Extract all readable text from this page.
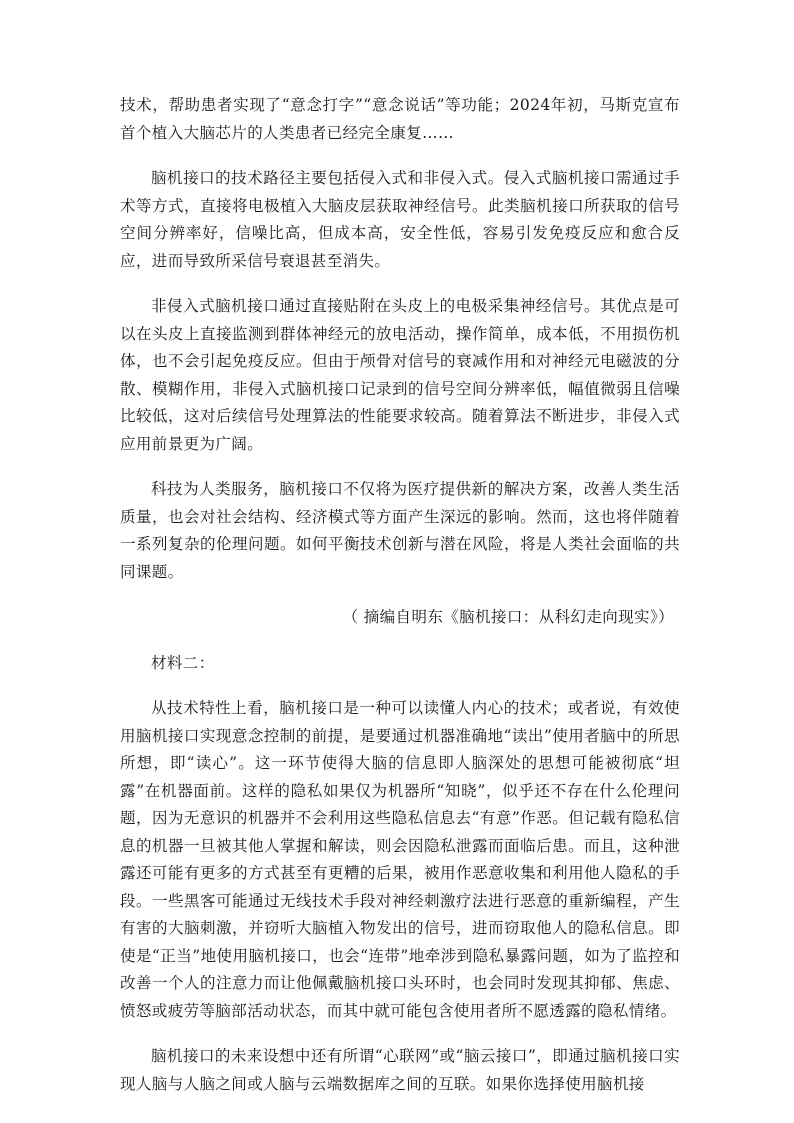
技术，帮助患者实现了“意念打字”“意念说话”等功能；2024年初，马斯克宣布首个植入大脑芯片的人类患者已经完全康复……

脑机接口的技术路径主要包括侵入式和非侵入式。侵入式脑机接口需通过手术等方式，直接将电极植入大脑皮层获取神经信号。此类脑机接口所获取的信号空间分辨率好，信噪比高，但成本高，安全性低，容易引发免疫反应和愈合反应，进而导致所采信号衰退甚至消失。

非侵入式脑机接口通过直接贴附在头皮上的电极采集神经信号。其优点是可以在头皮上直接监测到群体神经元的放电活动，操作简单，成本低，不用损伤机体，也不会引起免疫反应。但由于颅骨对信号的衰减作用和对神经元电磁波的分散、模糊作用，非侵入式脑机接口记录到的信号空间分辨率低，幅值微弱且信噪比较低，这对后续信号处理算法的性能要求较高。随着算法不断进步，非侵入式应用前景更为广阔。

科技为人类服务，脑机接口不仅将为医疗提供新的解决方案，改善人类生活质量，也会对社会结构、经济模式等方面产生深远的影响。然而，这也将伴随着一系列复杂的伦理问题。如何平衡技术创新与潜在风险，将是人类社会面临的共同课题。

（ 摘编自明东《脑机接口：从科幻走向现实》）

材料二：

从技术特性上看，脑机接口是一种可以读懂人内心的技术；或者说，有效使用脑机接口实现意念控制的前提，是要通过机器准确地“读出”使用者脑中的所思所想，即“读心”。这一环节使得大脑的信息即人脑深处的思想可能被彻底“坦露”在机器面前。这样的隐私如果仅为机器所“知晓”，似乎还不存在什么伦理问题，因为无意识的机器并不会利用这些隐私信息去“有意”作恶。但记载有隐私信息的机器一旦被其他人掌握和解读，则会因隐私泄露而面临后患。而且，这种泄露还可能有更多的方式甚至有更糟的后果，被用作恶意收集和利用他人隐私的手段。一些黑客可能通过无线技术手段对神经刺激疗法进行恶意的重新编程，产生有害的大脑刺激，并窃听大脑植入物发出的信号，进而窃取他人的隐私信息。即使是“正当”地使用脑机接口，也会“连带”地牵涉到隐私暴露问题，如为了监控和改善一个人的注意力而让他佩戴脑机接口头环时，也会同时发现其抑郁、焦虑、愤怒或疲劳等脑部活动状态，而其中就可能包含使用者所不愿透露的隐私情绪。

脑机接口的未来设想中还有所谓“心联网”或“脑云接口”，即通过脑机接口实现人脑与人脑之间或人脑与云端数据库之间的互联。如果你选择使用脑机接
